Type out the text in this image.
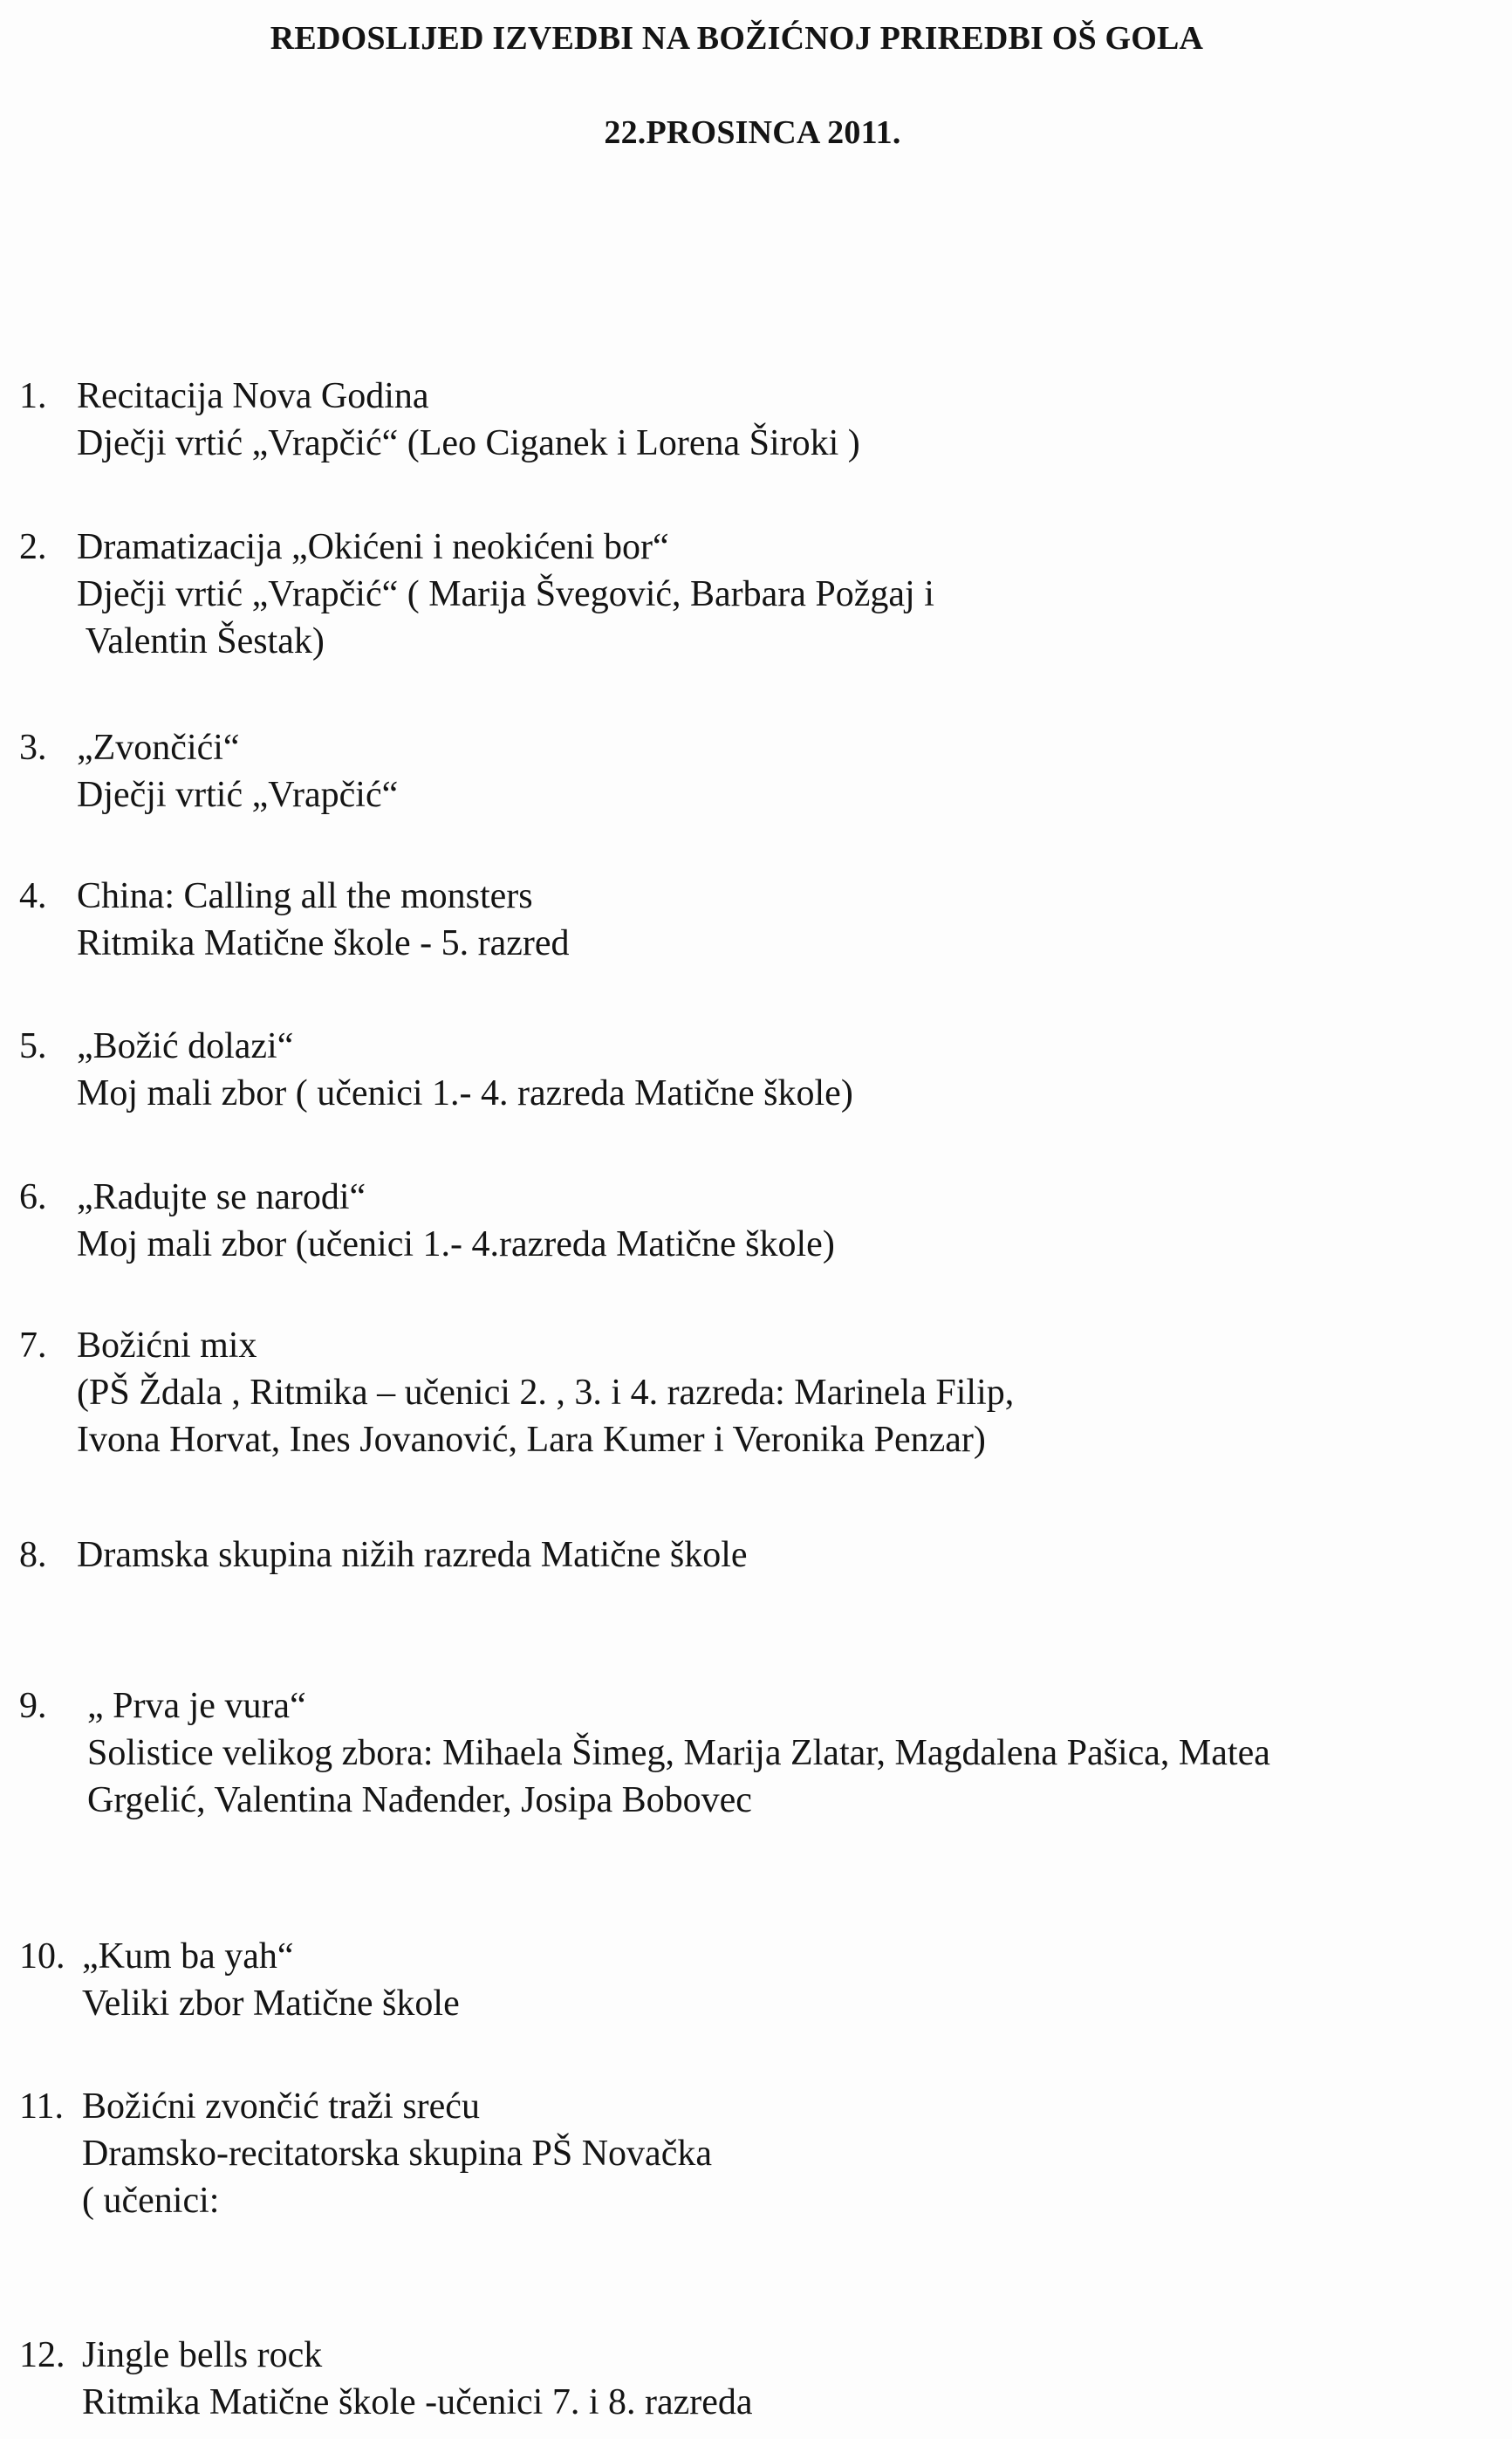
REDOSLIJED IZVEDBI NA BOŽIĆNOJ PRIREDBI OŠ GOLA
22.PROSINCA 2011.
1. Recitacija Nova Godina
Dječji vrtić „Vrapčić“ (Leo Ciganek i Lorena Široki )
2. Dramatizacija „Okićeni i neokićeni bor“
Dječji vrtić „Vrapčić“ ( Marija Švegović, Barbara Požgaj i
Valentin Šestak)
3. „Zvončići“
Dječji vrtić „Vrapčić“
4. China: Calling all the monsters
Ritmika Matične škole - 5. razred
5. „Božić dolazi“
Moj mali zbor ( učenici 1.- 4. razreda Matične škole)
6. „Radujte se narodi“
Moj mali zbor (učenici 1.- 4.razreda Matične škole)
7. Božićni mix
(PŠ Ždala , Ritmika – učenici 2. , 3. i 4. razreda: Marinela Filip,
Ivona Horvat, Ines Jovanović, Lara Kumer i Veronika Penzar)
8. Dramska skupina nižih razreda Matične škole
9. „ Prva je vura“
Solistice velikog zbora: Mihaela Šimeg, Marija Zlatar, Magdalena Pašica, Matea
Grgelić, Valentina Nađender, Josipa Bobovec
10. „Kum ba yah“
Veliki zbor Matične škole
11. Božićni zvončić traži sreću
Dramsko-recitatorska skupina PŠ Novačka
( učenici:
12. Jingle bells rock
Ritmika Matične škole -učenici 7. i 8. razreda
